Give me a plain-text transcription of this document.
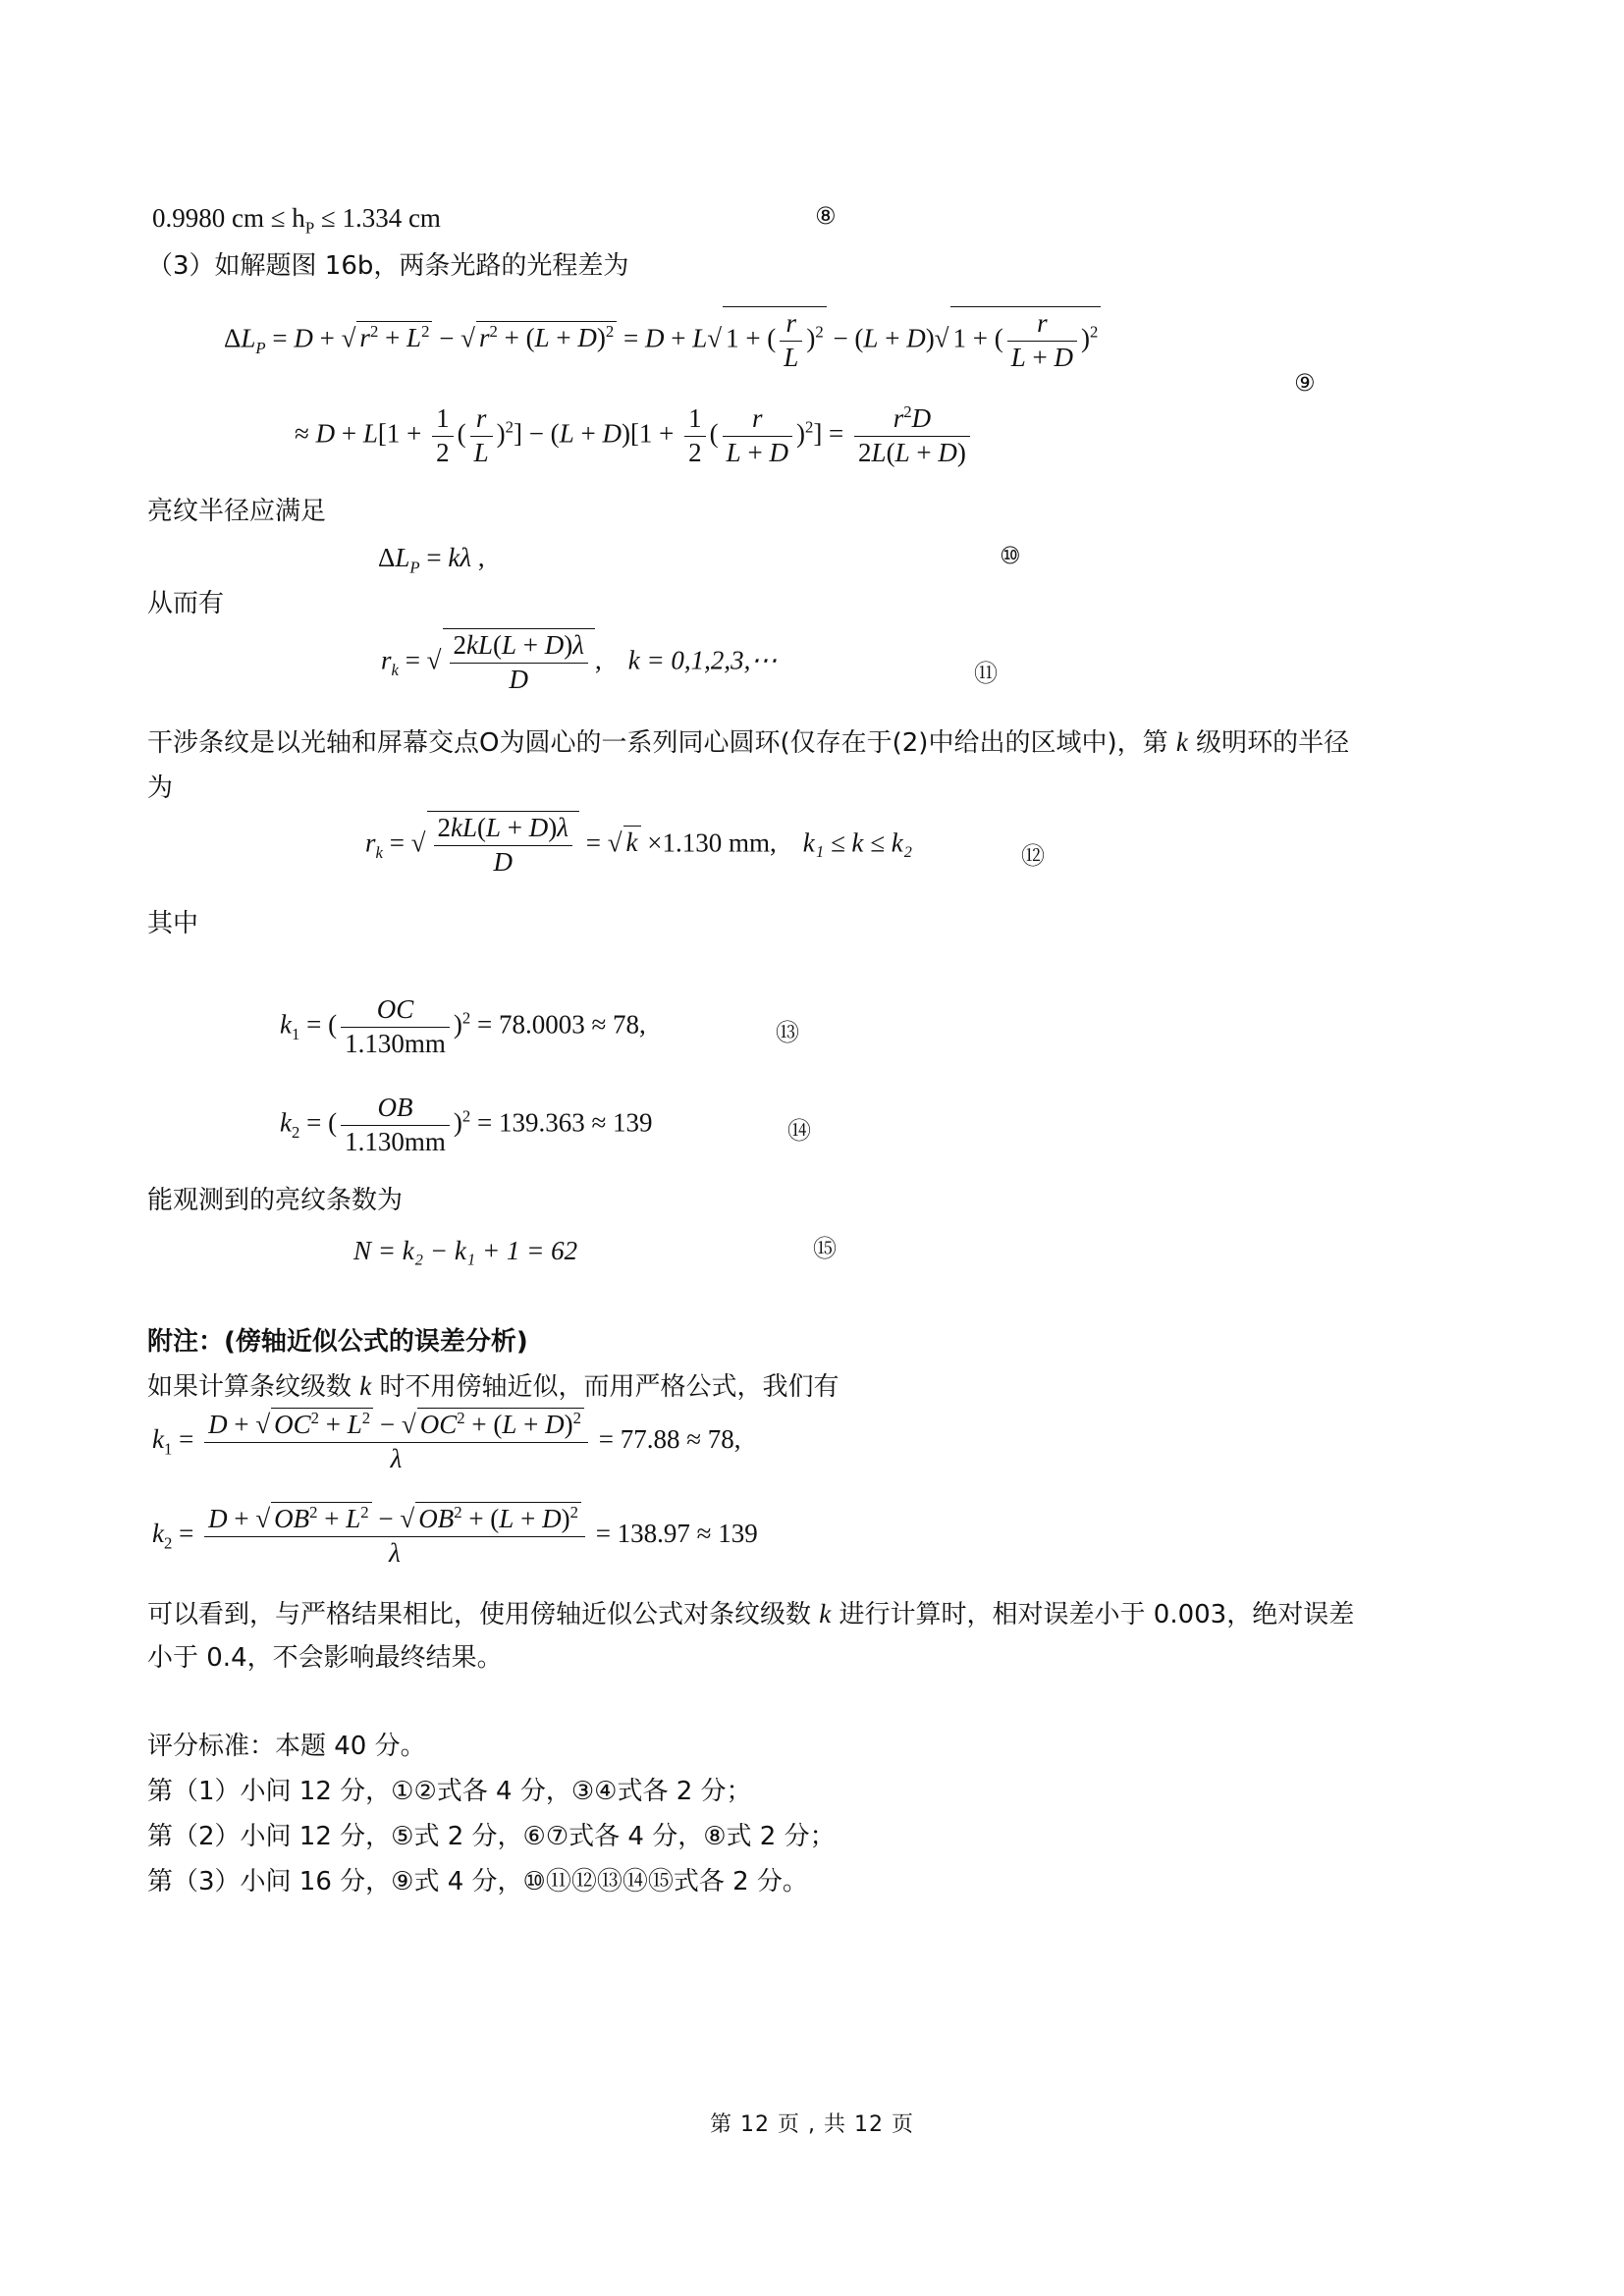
0.9980 cm ≤ $h_P \le 1.334$ cm	⑧
（3）如解题图 16b，两条光路的光程差为
$\Delta L_P = D$ + √ $r^2 + L^2$ − √ $r^2 + (L + D)^2 = D + L√$ 1 + ( $\frac{r}{L} )^2 - (L + D)√$ 1 + ( $\frac{r}{L + D} )^2$
⑨
≈ $D + L[1 + \frac{1}{2}$ ( $\frac{r}{L} )^2] - (L + D)[1 + \frac{1}{2}$ ( $\frac{r}{L + D} )^2] = \frac{r^2D}{2L(L + D)}$
亮纹半径应满足
$\Delta L_P = k\lambda$ ,	⑩
从而有
$r_k$ = √ $\frac{2kL(L + D)\lambda}{D}$ ,    k = 0,1,2,3,⋯	⑪
干涉条纹是以光轴和屏幕交点O为圆心的一系列同心圆环(仅存在于(2)中给出的区域中)，第 k 级明环的半径
为
$r_k$ = √ $\frac{2kL(L + D)\lambda}{D}$ = √ k ×1.130 mm, k₁ ≤ k ≤ k₂	⑫
其中
$k_1$ = ( $\frac{OC}{1.130mm} )^2 = 78.0003 \approx 78$,	⑬
$k_2$ = ( $\frac{OB}{1.130mm} )^2 = 139.363 \approx 139$	⑭
能观测到的亮纹条数为
N = k₂ − k₁ + 1 = 62	⑮
附注：(傍轴近似公式的误差分析)
如果计算条纹级数 k 时不用傍轴近似，而用严格公式，我们有
$k_1 = \frac{D + √ OC^2 + L^2 - √ OC^2 + (L + D)^2}{\lambda} = 77.88 \approx 78$,
$k_2 = \frac{D + √ OB^2 + L^2 - √ OB^2 + (L + D)^2}{\lambda} = 138.97 \approx 139$
可以看到，与严格结果相比，使用傍轴近似公式对条纹级数 k 进行计算时，相对误差小于 0.003，绝对误差
小于 0.4，不会影响最终结果。
评分标准：本题 40 分。
第（1）小问 12 分，①②式各 4 分，③④式各 2 分；
第（2）小问 12 分，⑤式 2 分，⑥⑦式各 4 分，⑧式 2 分；
第（3）小问 16 分，⑨式 4 分，⑩⑪⑫⑬⑭⑮式各 2 分。
第 12 页 , 共 12 页
